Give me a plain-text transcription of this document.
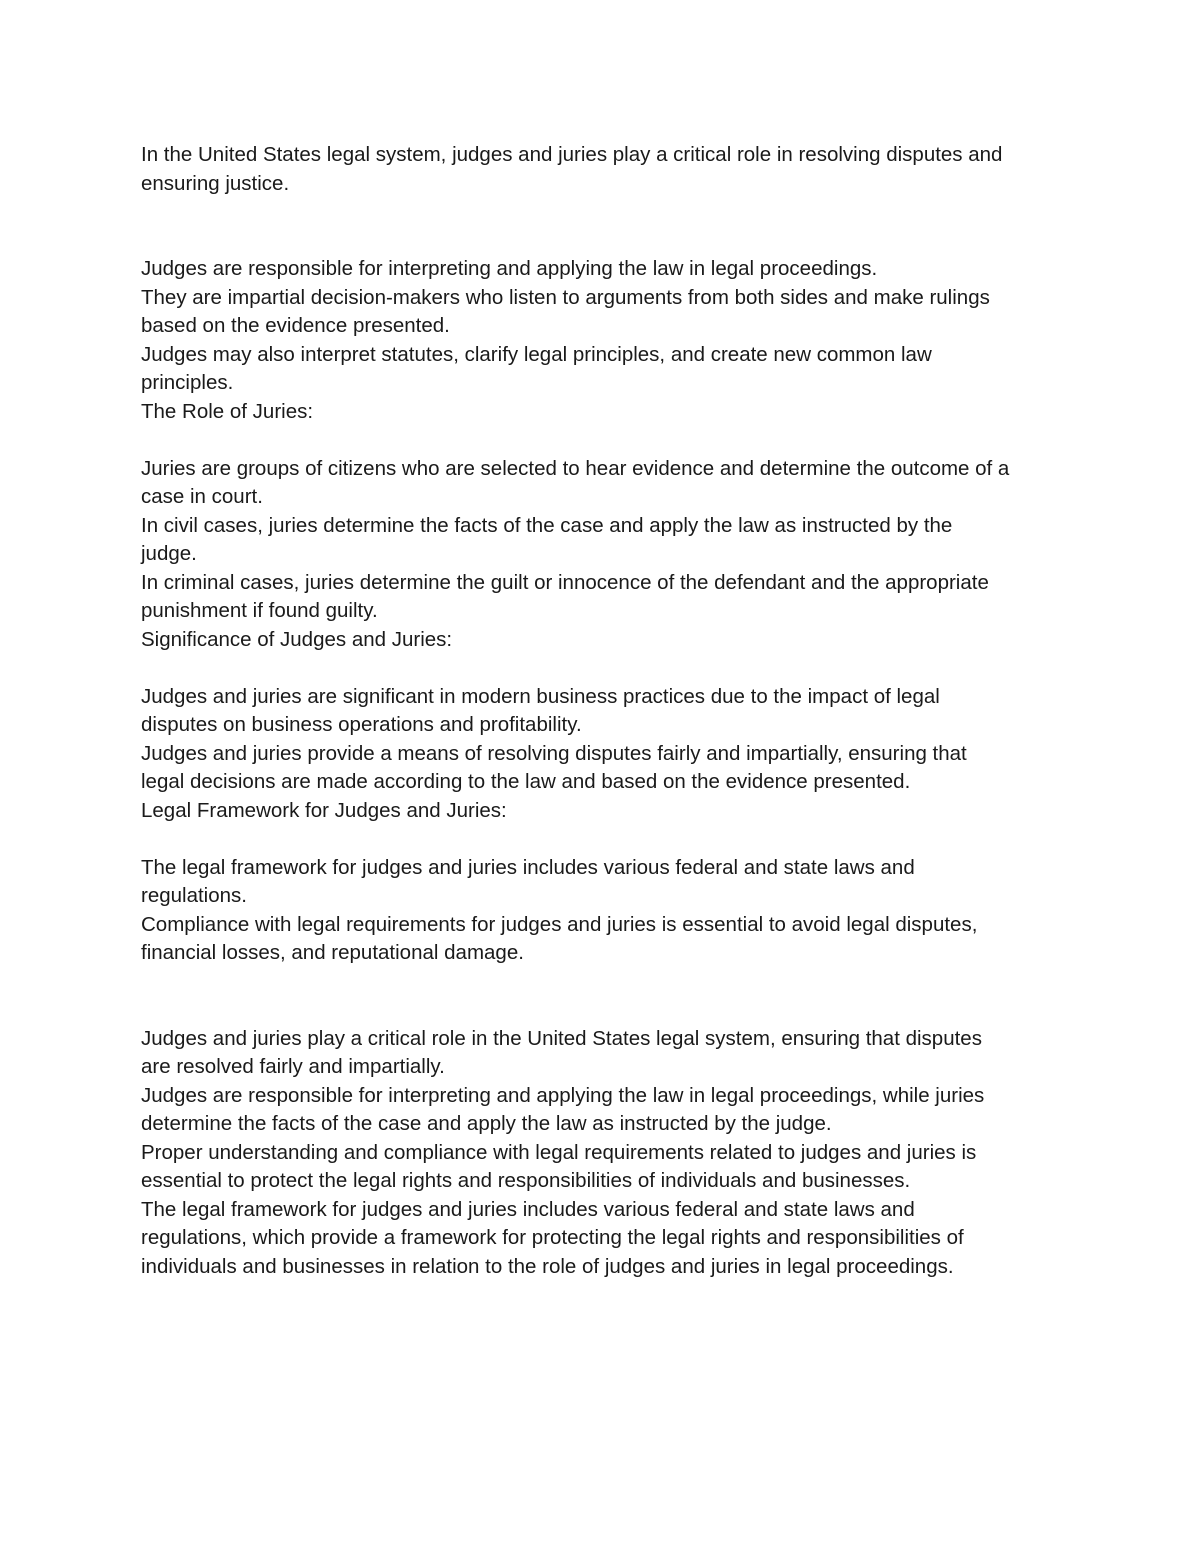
In the United States legal system, judges and juries play a critical role in resolving disputes and
ensuring justice.
Judges are responsible for interpreting and applying the law in legal proceedings.
They are impartial decision-makers who listen to arguments from both sides and make rulings
based on the evidence presented.
Judges may also interpret statutes, clarify legal principles, and create new common law
principles.
The Role of Juries:
Juries are groups of citizens who are selected to hear evidence and determine the outcome of a
case in court.
In civil cases, juries determine the facts of the case and apply the law as instructed by the
judge.
In criminal cases, juries determine the guilt or innocence of the defendant and the appropriate
punishment if found guilty.
Significance of Judges and Juries:
Judges and juries are significant in modern business practices due to the impact of legal
disputes on business operations and profitability.
Judges and juries provide a means of resolving disputes fairly and impartially, ensuring that
legal decisions are made according to the law and based on the evidence presented.
Legal Framework for Judges and Juries:
The legal framework for judges and juries includes various federal and state laws and
regulations.
Compliance with legal requirements for judges and juries is essential to avoid legal disputes,
financial losses, and reputational damage.
Judges and juries play a critical role in the United States legal system, ensuring that disputes
are resolved fairly and impartially.
Judges are responsible for interpreting and applying the law in legal proceedings, while juries
determine the facts of the case and apply the law as instructed by the judge.
Proper understanding and compliance with legal requirements related to judges and juries is
essential to protect the legal rights and responsibilities of individuals and businesses.
The legal framework for judges and juries includes various federal and state laws and
regulations, which provide a framework for protecting the legal rights and responsibilities of
individuals and businesses in relation to the role of judges and juries in legal proceedings.
